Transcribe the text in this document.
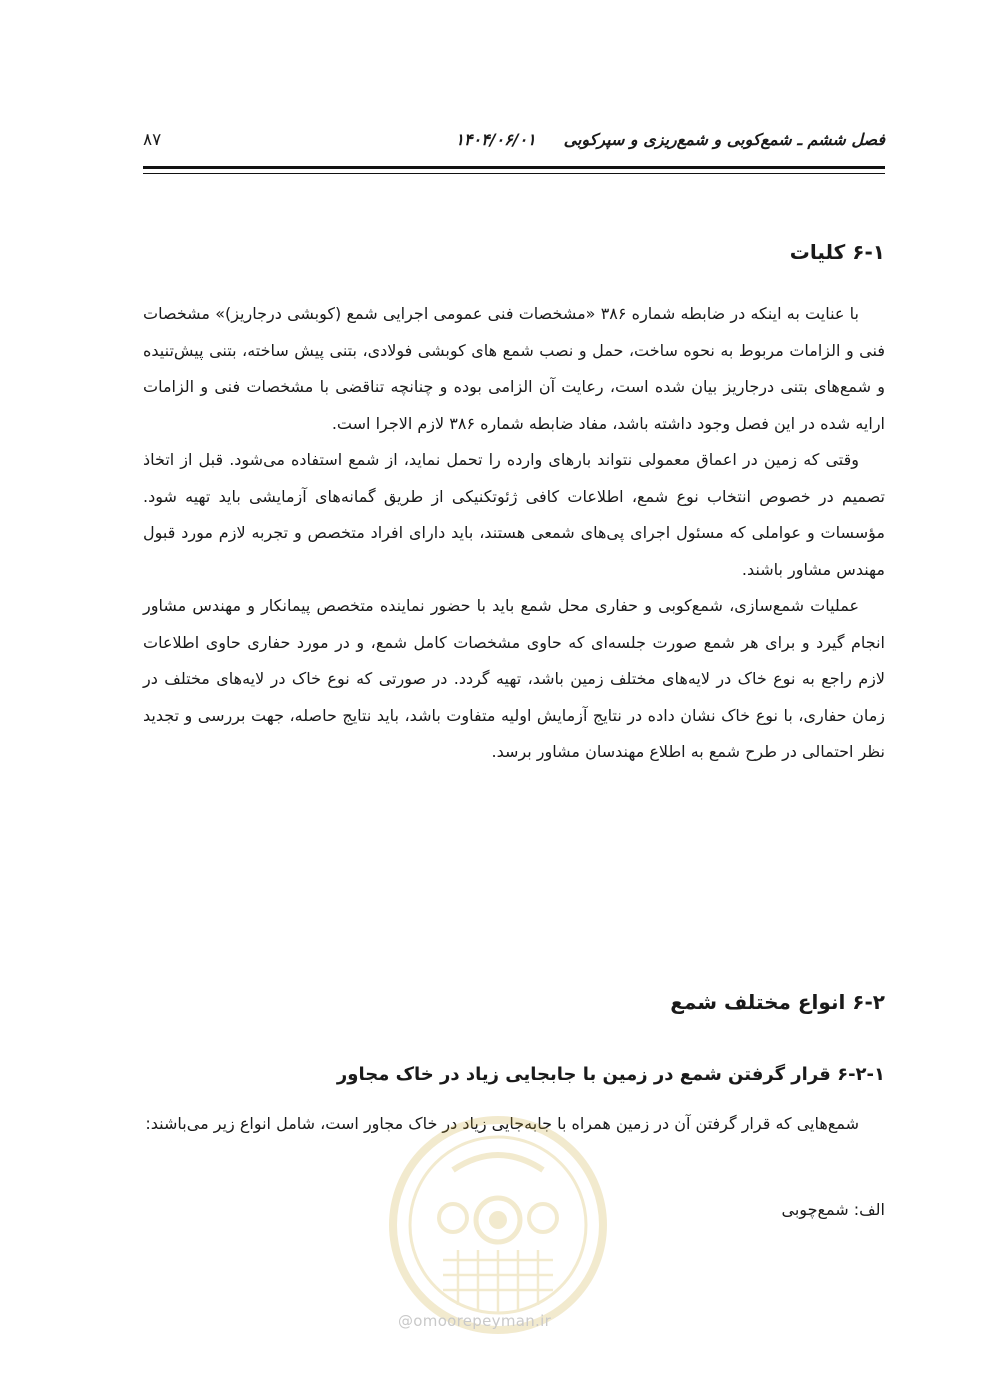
۸۷	فصل ششم ـ شمع‌کوبی و شمع‌ریزی و سپرکوبی     ۱۴۰۴/۰۶/۰۱
۶-۱ کلیات

با عنایت به اینکه در ضابطه شماره ۳۸۶ «مشخصات فنی عمومی اجرایی شمع (کوبشی درجاریز)» مشخصات فنی و الزامات مربوط به نحوه ساخت، حمل و نصب شمع های کوبشی فولادی، بتنی پیش ساخته، بتنی پیش‌تنیده و شمع‌های بتنی درجاریز بیان شده است، رعایت آن الزامی بوده و چنانچه تناقضی با مشخصات فنی و الزامات ارایه شده در این فصل وجود داشته باشد، مفاد ضابطه شماره ۳۸۶ لازم الاجرا است.

وقتی که زمین در اعماق معمولی نتواند بارهای وارده را تحمل نماید، از شمع استفاده می‌شود. قبل از اتخاذ تصمیم در خصوص انتخاب نوع شمع، اطلاعات کافی ژئوتکنیکی از طریق گمانه‌های آزمایشی باید تهیه شود. مؤسسات و عواملی که مسئول اجرای پی‌های شمعی هستند، باید دارای افراد متخصص و تجربه لازم مورد قبول مهندس مشاور باشند.

عملیات شمع‌سازی، شمع‌کوبی و حفاری محل شمع باید با حضور نماینده متخصص پیمانکار و مهندس مشاور انجام گیرد و برای هر شمع صورت جلسه‌ای که حاوی مشخصات کامل شمع، و در مورد حفاری حاوی اطلاعات لازم راجع به نوع خاک در لایه‌های مختلف زمین باشد، تهیه گردد. در صورتی که نوع خاک در لایه‌های مختلف در زمان حفاری، با نوع خاک نشان داده در نتایج آزمایش اولیه متفاوت باشد، باید نتایج حاصله، جهت بررسی و تجدید نظر احتمالی در طرح شمع به اطلاع مهندسان مشاور برسد.

۶-۲ انواع مختلف شمع
۶-۲-۱ قرار گرفتن شمع در زمین با جابجایی زیاد در خاک مجاور

شمع‌هایی که قرار گرفتن آن در زمین همراه با جابه‌جایی زیاد در خاک مجاور است، شامل انواع زیر می‌باشند:

الف: شمع‌چوبی
@omoorepeyman.ir
